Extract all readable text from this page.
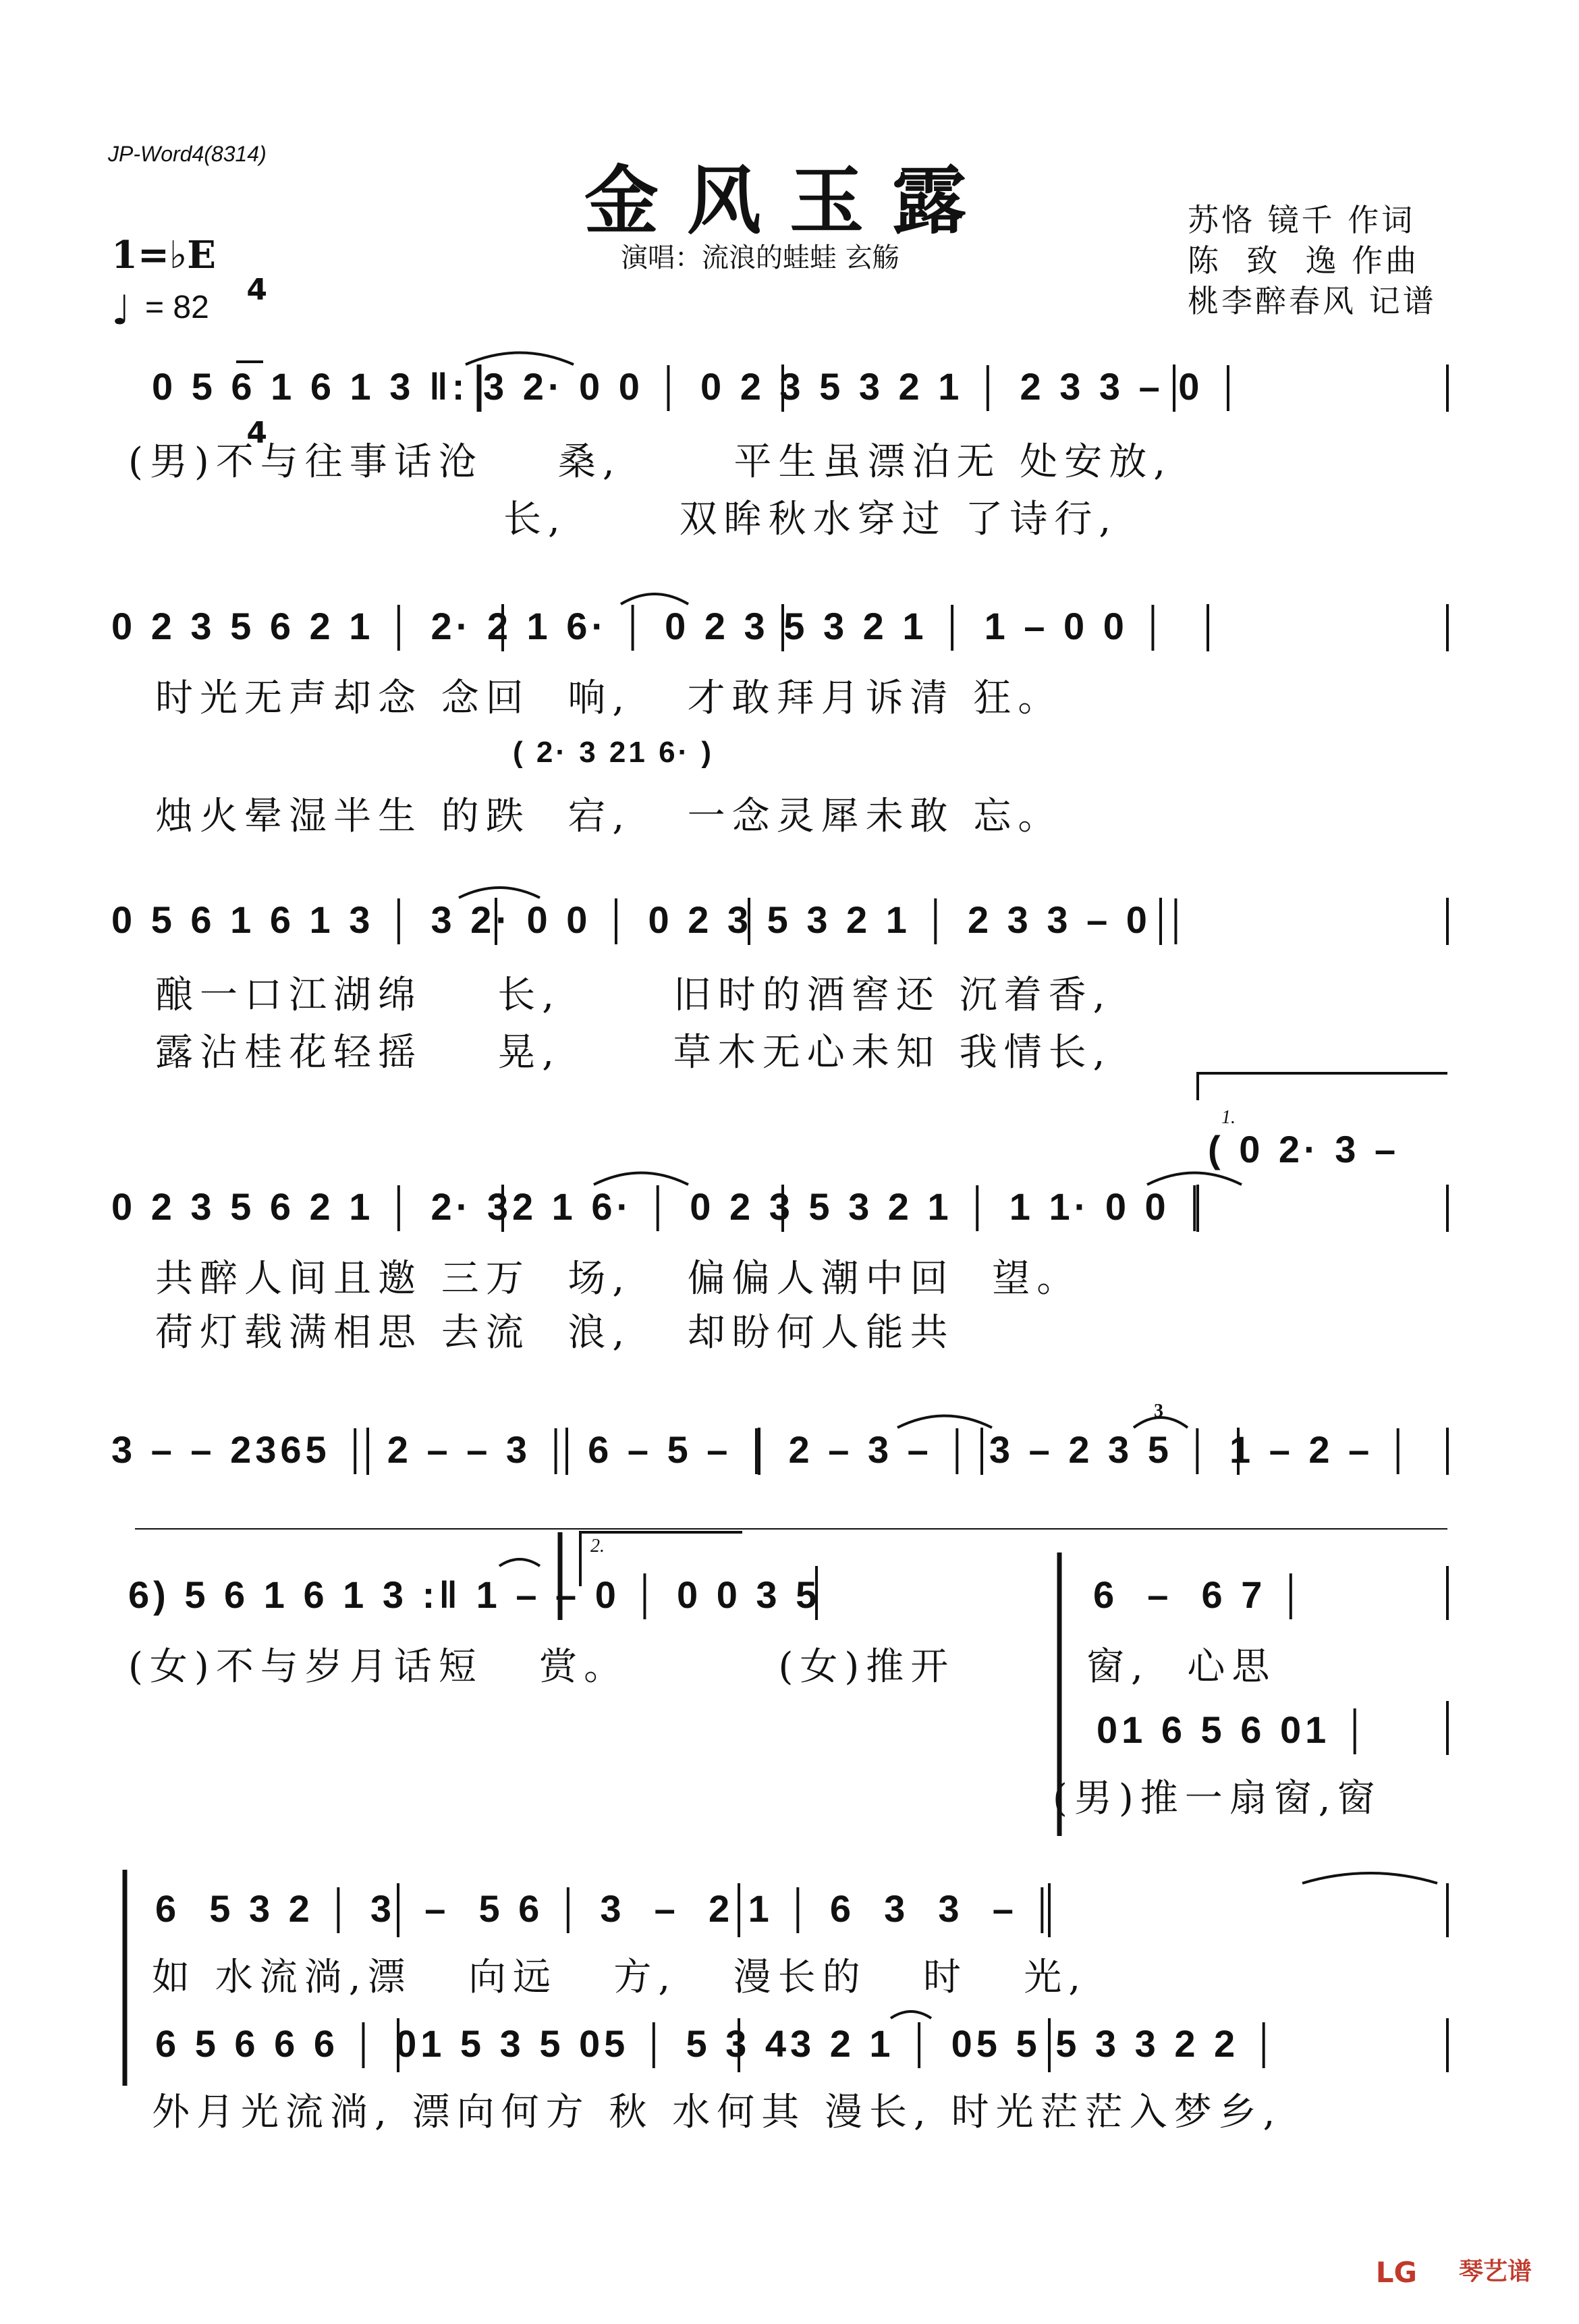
JP-Word4(8314)
金风玉露
演唱：流浪的蛙蛙 玄觞
苏恪 镜千 作词
陈  致  逸 作曲
桃李醉春风 记谱
1=♭E

4

4

♩ = 82
0 5 6 1 6 1 3 ‖: 3 2· 0 0 │ 0 2 3 5 3 2 1 │ 2 3 3 – 0 │
(男)不与往事话沧    桑,      平生虽漂泊无 处安放,
长,      双眸秋水穿过 了诗行,
0 2 3 5 6 2 1 │ 2· 2 1 6· │ 0 2 3 5 3 2 1 │ 1 – 0 0 │
时光无声却念 念回  响,   才敢拜月诉清 狂。
( 2· 3 21 6· )
烛火晕湿半生 的跌  宕,   一念灵犀未敢 忘。
0 5 6 1 6 1 3 │ 3 2· 0 0 │ 0 2 3 5 3 2 1 │ 2 3 3 – 0 │
酿一口江湖绵    长,      旧时的酒窖还 沉着香,
露沾桂花轻摇    晃,      草木无心未知 我情长,
1.
( 0 2· 3 –
0 2 3 5 6 2 1 │ 2· 32 1 6· │ 0 2 3 5 3 2 1 │ 1 1· 0 0 │
共醉人间且邀 三万  场,   偏偏人潮中回  望。
荷灯载满相思 去流  浪,   却盼何人能共
3
3 – – 2365 │ 2 – – 3 │ 6 – 5 – │ 2 – 3 – │ 3 – 2 3 5 │ 1 – 2 – │
2.
6) 5 6 1 6 1 3 :‖ 1 – – 0 │ 0 0 3 5
(女)不与岁月话短   赏。        (女)推开
6  –  6 7 │
窗,  心思
01 6 5 6 01 │
(男)推一扇窗,窗
6  5 3 2 │ 3  –  5 6 │ 3  –  2 1 │ 6  3  3  – │
如 水流淌,漂   向远   方,   漫长的   时   光,
6 5 6 6 6 │ 01 5 3 5 05 │ 5 3 43 2 1 │ 05 5 5 3 3 2 2 │
外月光流淌, 漂向何方 秋 水何其 漫长, 时光茫茫入梦乡,
LG 琴艺谱
